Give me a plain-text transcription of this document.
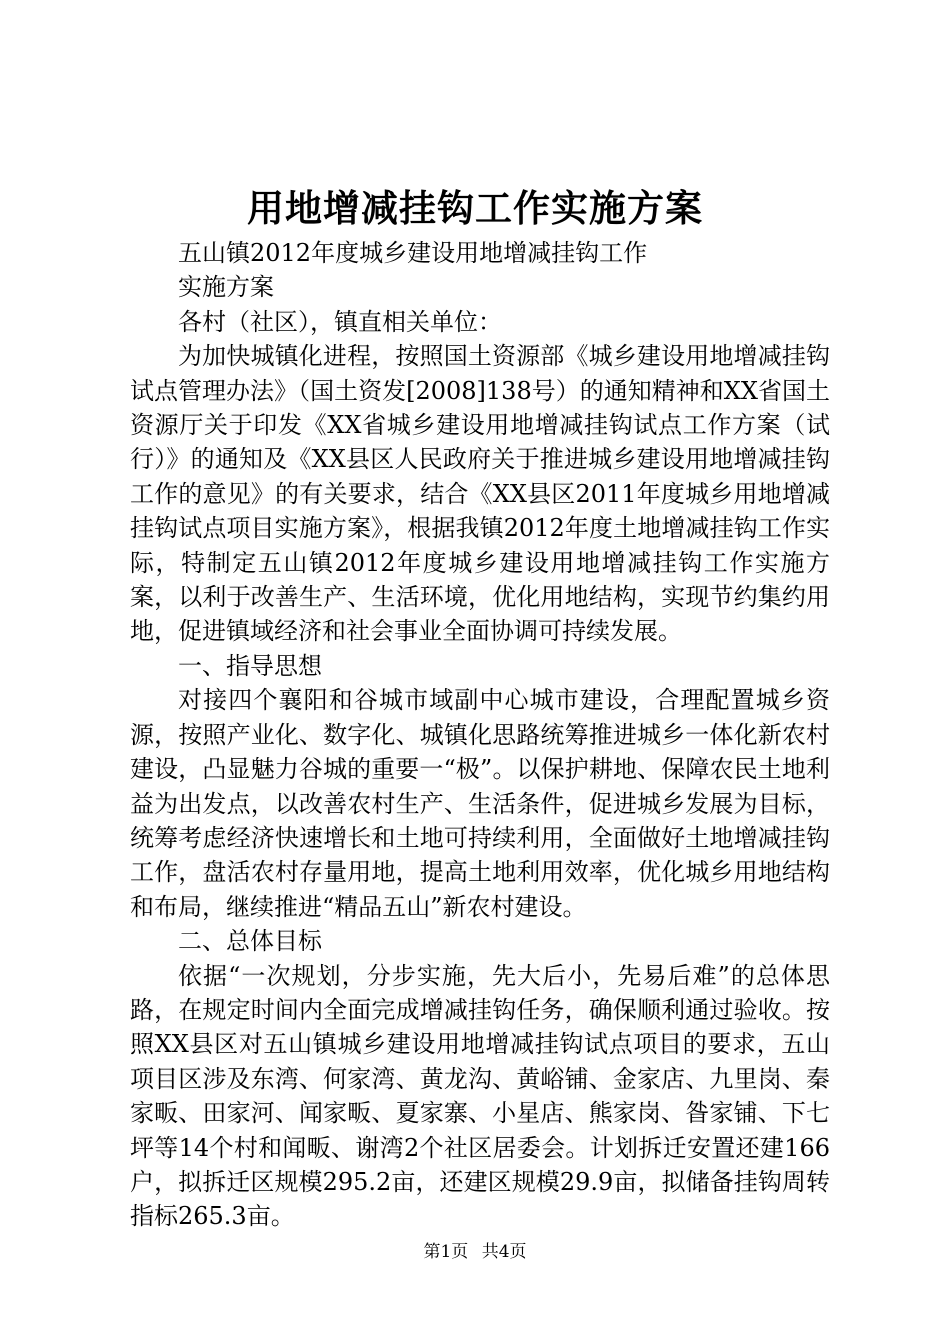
用地增减挂钩工作实施方案

五山镇2012年度城乡建设用地增减挂钩工作

实施方案

各村（社区），镇直相关单位：

为加快城镇化进程，按照国土资源部《城乡建设用地增减挂钩试点管理办法》（国土资发[2008]138号）的通知精神和XX省国土资源厅关于印发《XX省城乡建设用地增减挂钩试点工作方案（试行）》的通知及《XX县区人民政府关于推进城乡建设用地增减挂钩工作的意见》的有关要求，结合《XX县区2011年度城乡用地增减挂钩试点项目实施方案》，根据我镇2012年度土地增减挂钩工作实际，特制定五山镇2012年度城乡建设用地增减挂钩工作实施方案，以利于改善生产、生活环境，优化用地结构，实现节约集约用地，促进镇域经济和社会事业全面协调可持续发展。

一、指导思想

对接四个襄阳和谷城市域副中心城市建设，合理配置城乡资源，按照产业化、数字化、城镇化思路统筹推进城乡一体化新农村建设，凸显魅力谷城的重要一“极”。以保护耕地、保障农民土地利益为出发点，以改善农村生产、生活条件，促进城乡发展为目标，统筹考虑经济快速增长和土地可持续利用，全面做好土地增减挂钩工作，盘活农村存量用地，提高土地利用效率，优化城乡用地结构和布局，继续推进“精品五山”新农村建设。

二、总体目标

依据“一次规划，分步实施，先大后小，先易后难”的总体思路，在规定时间内全面完成增减挂钩任务，确保顺利通过验收。按照XX县区对五山镇城乡建设用地增减挂钩试点项目的要求，五山项目区涉及东湾、何家湾、黄龙沟、黄峪铺、金家店、九里岗、秦家畈、田家河、闻家畈、夏家寨、小星店、熊家岗、昝家铺、下七坪等14个村和闻畈、谢湾2个社区居委会。计划拆迁安置还建166户，拟拆迁区规模295.2亩，还建区规模29.9亩，拟储备挂钩周转指标265.3亩。

第1页 共4页
